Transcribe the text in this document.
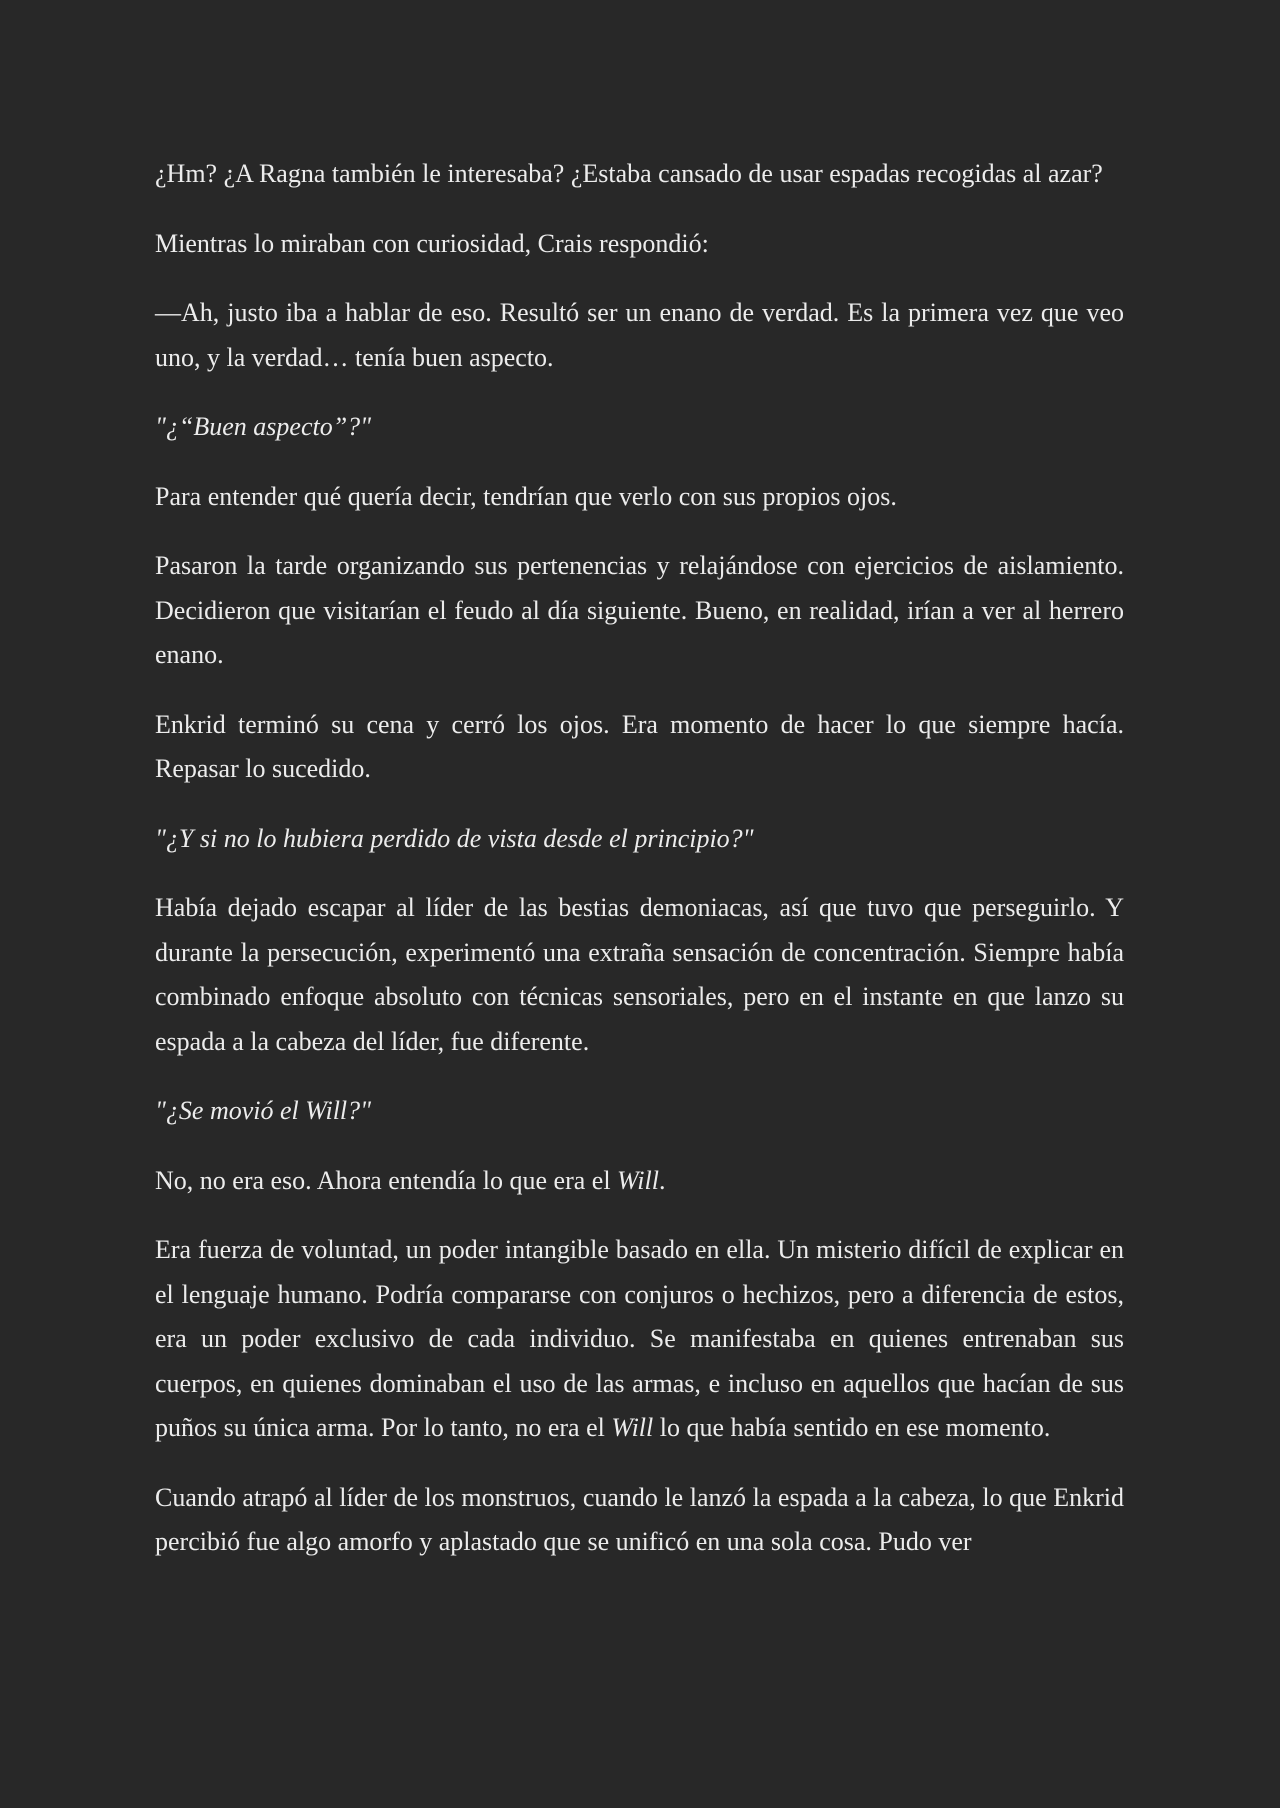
¿Hm? ¿A Ragna también le interesaba? ¿Estaba cansado de usar espadas recogidas al azar?

Mientras lo miraban con curiosidad, Crais respondió:

—Ah, justo iba a hablar de eso. Resultó ser un enano de verdad. Es la primera vez que veo uno, y la verdad… tenía buen aspecto.

"¿“Buen aspecto”?"

Para entender qué quería decir, tendrían que verlo con sus propios ojos.

Pasaron la tarde organizando sus pertenencias y relajándose con ejercicios de aislamiento. Decidieron que visitarían el feudo al día siguiente. Bueno, en realidad, irían a ver al herrero enano.

Enkrid terminó su cena y cerró los ojos. Era momento de hacer lo que siempre hacía. Repasar lo sucedido.

"¿Y si no lo hubiera perdido de vista desde el principio?"

Había dejado escapar al líder de las bestias demoniacas, así que tuvo que perseguirlo. Y durante la persecución, experimentó una extraña sensación de concentración. Siempre había combinado enfoque absoluto con técnicas sensoriales, pero en el instante en que lanzo su espada a la cabeza del líder, fue diferente.

"¿Se movió el Will?"

No, no era eso. Ahora entendía lo que era el Will.

Era fuerza de voluntad, un poder intangible basado en ella. Un misterio difícil de explicar en el lenguaje humano. Podría compararse con conjuros o hechizos, pero a diferencia de estos, era un poder exclusivo de cada individuo. Se manifestaba en quienes entrenaban sus cuerpos, en quienes dominaban el uso de las armas, e incluso en aquellos que hacían de sus puños su única arma. Por lo tanto, no era el Will lo que había sentido en ese momento.

Cuando atrapó al líder de los monstruos, cuando le lanzó la espada a la cabeza, lo que Enkrid percibió fue algo amorfo y aplastado que se unificó en una sola cosa. Pudo ver
